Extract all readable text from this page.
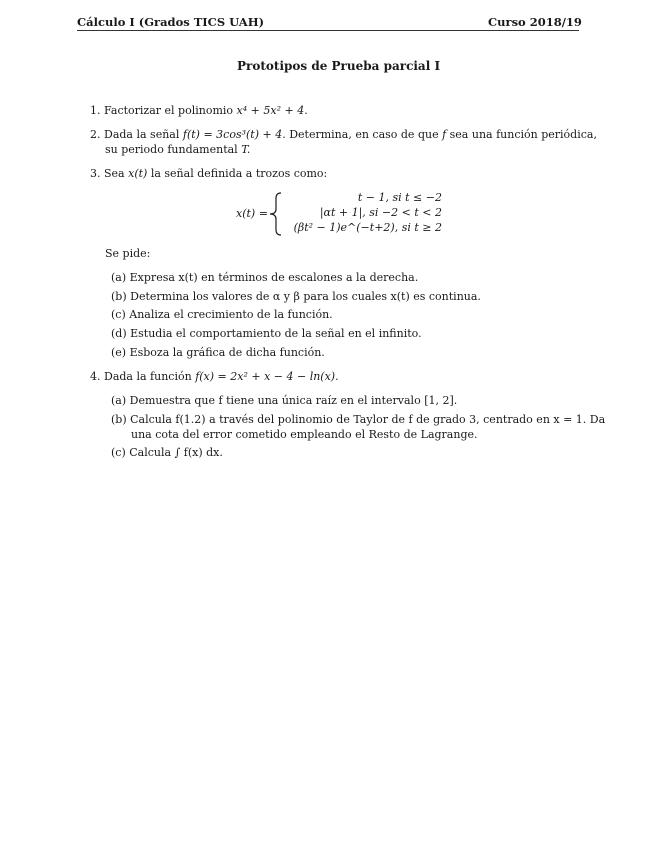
Cálculo I (Grados TICS UAH)	Curso 2018/19
Prototipos de Prueba parcial I
1. Factorizar el polinomio x⁴ + 5x² + 4.
2. Dada la señal f(t) = 3cos³(t) + 4. Determina, en caso de que f sea una función periódica,
su periodo fundamental T.
3. Sea x(t) la señal definida a trozos como:
x(t) =
t − 1, si t ≤ −2
|αt + 1|, si −2 < t < 2
(βt² − 1)e^(−t+2), si t ≥ 2
Se pide:
(a) Expresa x(t) en términos de escalones a la derecha.
(b) Determina los valores de α y β para los cuales x(t) es continua.
(c) Analiza el crecimiento de la función.
(d) Estudia el comportamiento de la señal en el infinito.
(e) Esboza la gráfica de dicha función.
4. Dada la función f(x) = 2x² + x − 4 − ln(x).
(a) Demuestra que f tiene una única raíz en el intervalo [1, 2].
(b) Calcula f(1.2) a través del polinomio de Taylor de f de grado 3, centrado en x = 1. Da
una cota del error cometido empleando el Resto de Lagrange.
(c) Calcula ∫ f(x) dx.
